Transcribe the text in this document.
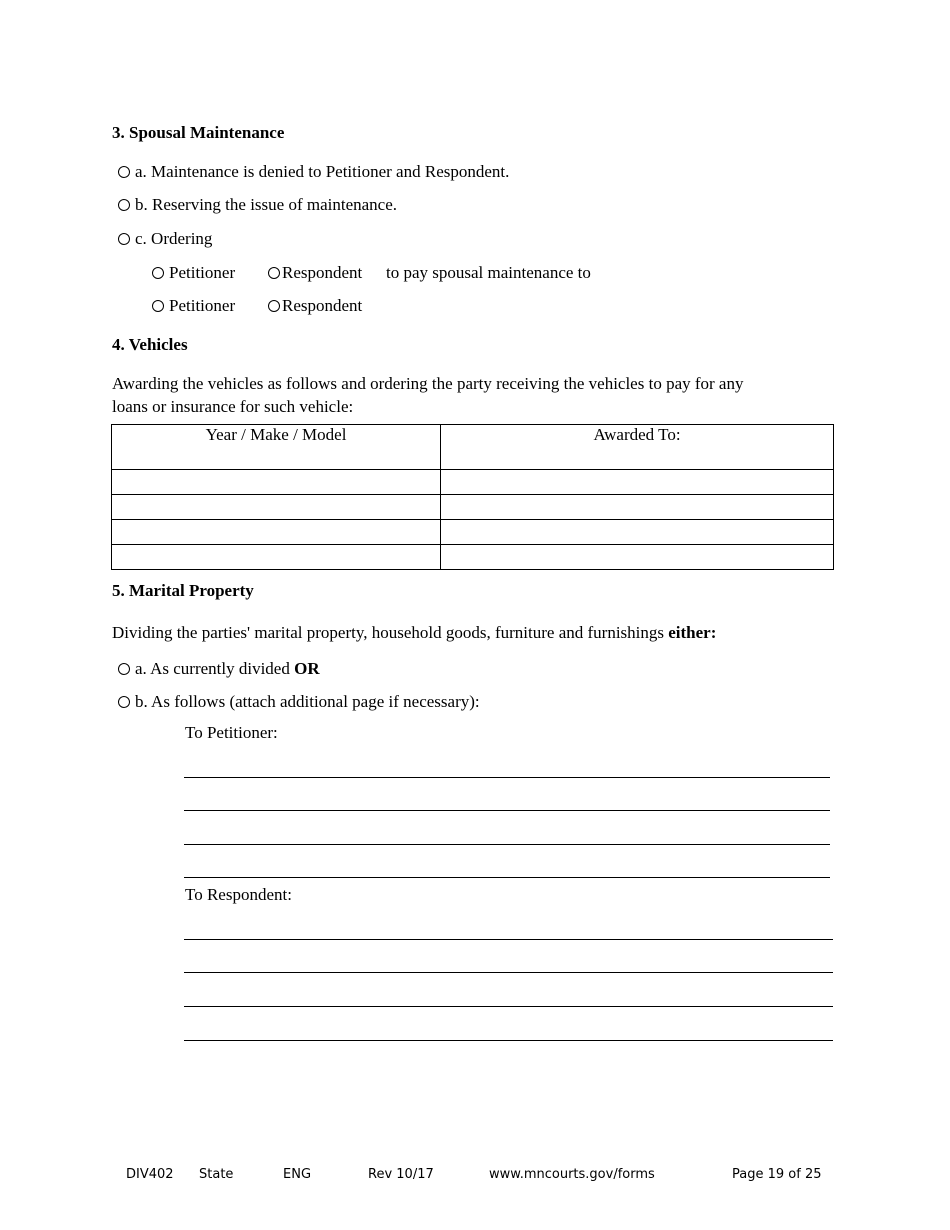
3. Spousal Maintenance
a. Maintenance is denied to Petitioner and Respondent.
b. Reserving the issue of maintenance.
c. Ordering
Petitioner	Respondent to pay spousal maintenance to
Petitioner	Respondent
4. Vehicles
Awarding the vehicles as follows and ordering the party receiving the vehicles to pay for any
loans or insurance for such vehicle:
Year / Make / Model	Awarded To:

5. Marital Property
Dividing the parties' marital property, household goods, furniture and furnishings either:
a. As currently divided OR
b. As follows (attach additional page if necessary):
To Petitioner:
To Respondent:
DIV402 State	ENG	Rev 10/17	www.mncourts.gov/forms	Page 19 of 25
